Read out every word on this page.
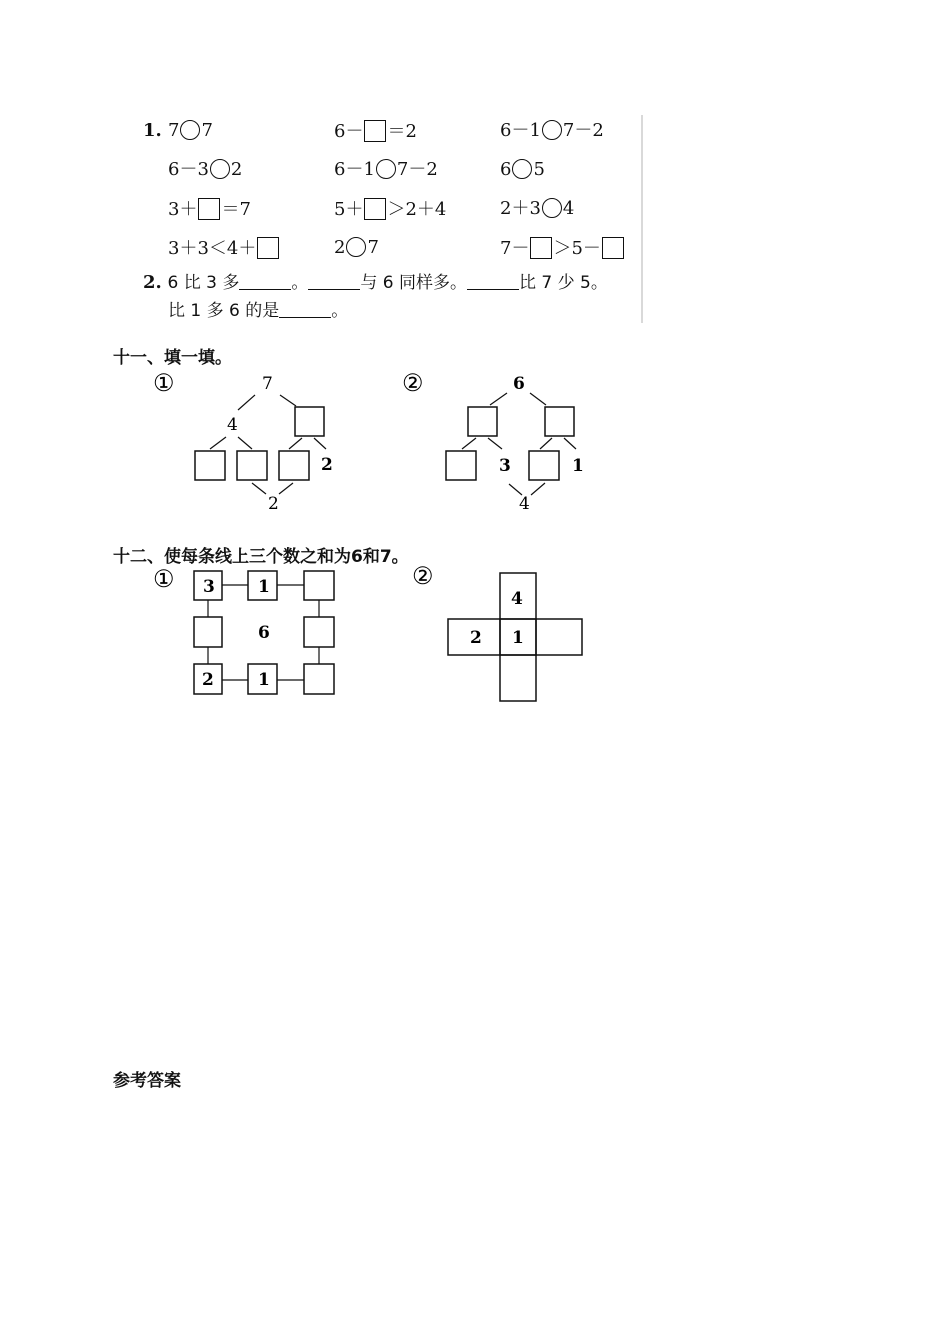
1. 7 7	6－ ＝2	6－1 7－2
6－3 2	6－1 7－2	6 5
3＋ ＝7	5＋ ＞2＋4	2＋3 4
3＋3＜4＋	2 7	7－ ＞5－
2. 6 比 3 多	。	与 6 同样多。	比 7 少 5。
比 1 多 6 的是	。
十一、填一填。
①	7
4
2
2
②	6
3	1
4
十二、使每条线上三个数之和为6和7。
① 3	1
6
2	1
②
4
2 1
参考答案
